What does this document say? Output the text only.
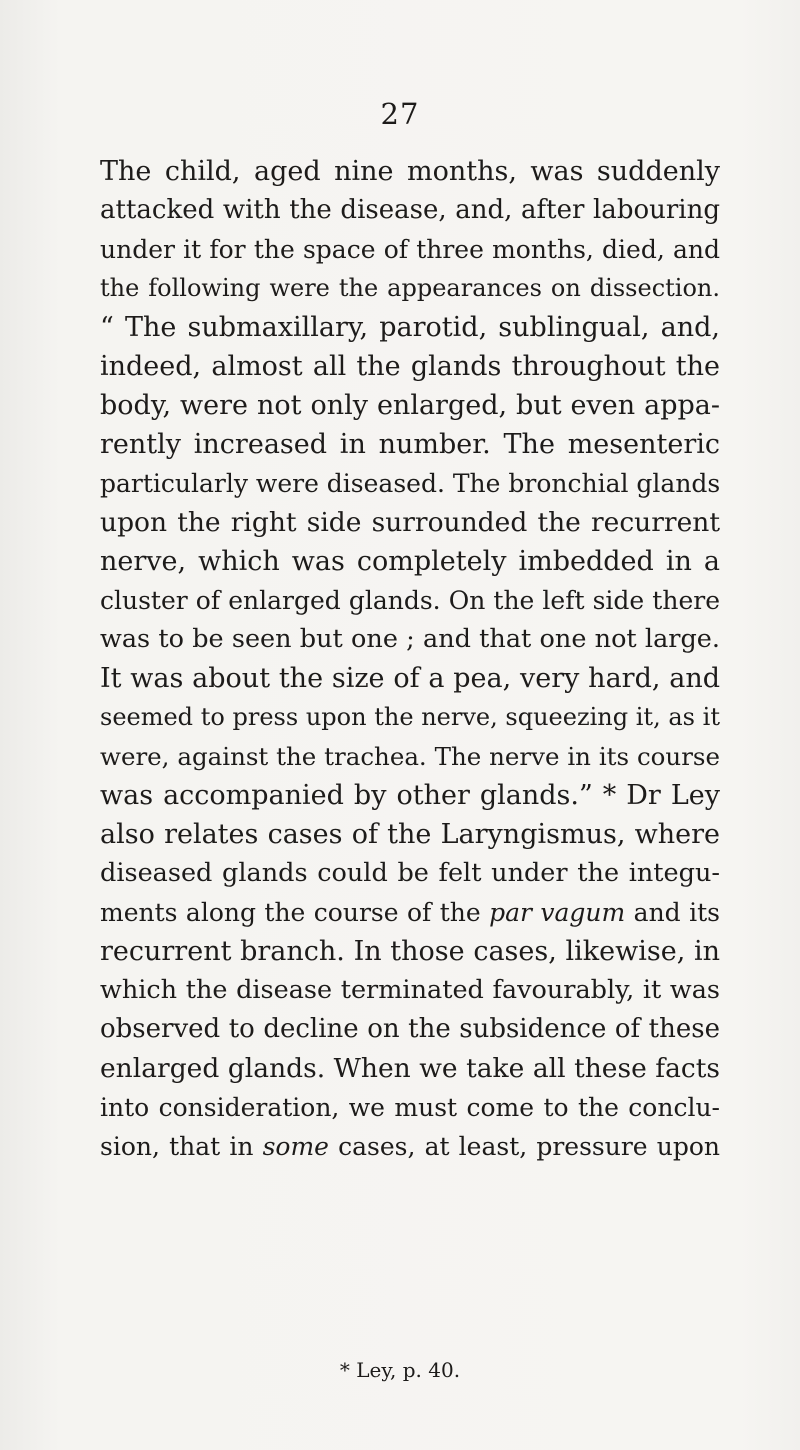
27
The child, aged nine months, was suddenly
attacked with the disease, and, after labouring
under it for the space of three months, died, and
the following were the appearances on dissection.
“ The submaxillary, parotid, sublingual, and,
indeed, almost all the glands throughout the
body, were not only enlarged, but even appa-
rently increased in number. The mesenteric
particularly were diseased. The bronchial glands
upon the right side surrounded the recurrent
nerve, which was completely imbedded in a
cluster of enlarged glands. On the left side there
was to be seen but one ; and that one not large.
It was about the size of a pea, very hard, and
seemed to press upon the nerve, squeezing it, as it
were, against the trachea. The nerve in its course
was accompanied by other glands.” * Dr Ley
also relates cases of the Laryngismus, where
diseased glands could be felt under the integu-
ments along the course of the par vagum and its
recurrent branch. In those cases, likewise, in
which the disease terminated favourably, it was
observed to decline on the subsidence of these
enlarged glands. When we take all these facts
into consideration, we must come to the conclu-
sion, that in some cases, at least, pressure upon
* Ley, p. 40.
